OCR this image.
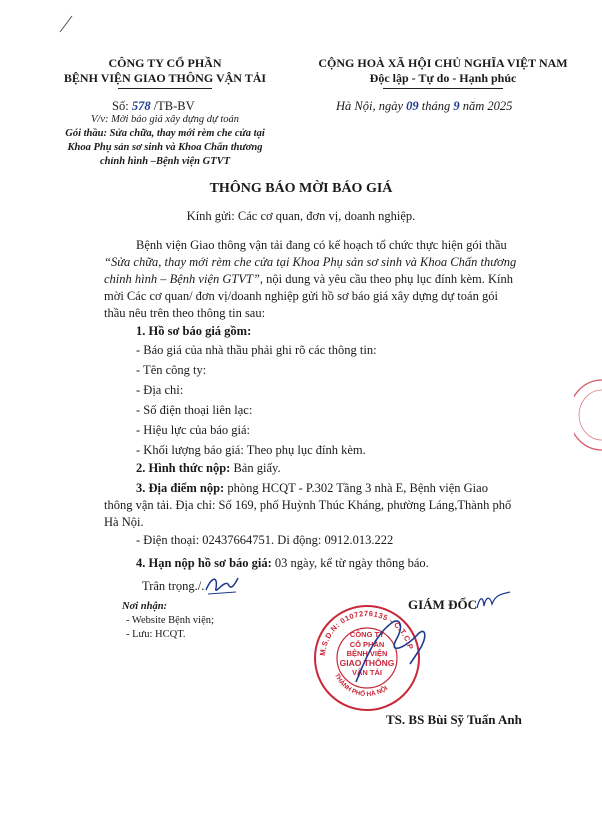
CÔNG TY CỔ PHẦN
BỆNH VIỆN GIAO THÔNG VẬN TẢI
Số: 578 /TB-BV
V/v: Mời báo giá xây dựng dự toán
Gói thầu: Sửa chữa, thay mới rèm che cửa tại
Khoa Phụ sản sơ sinh và Khoa Chấn thương
chỉnh hình –Bệnh viện GTVT
CỘNG HOÀ XÃ HỘI CHỦ NGHĨA VIỆT NAM
Độc lập - Tự do - Hạnh phúc
Hà Nội, ngày 09 tháng 9 năm 2025
THÔNG BÁO MỜI BÁO GIÁ
Kính gửi: Các cơ quan, đơn vị, doanh nghiệp.
Bệnh viện Giao thông vận tải đang có kế hoạch tổ chức thực hiện gói thầu
“Sửa chữa, thay mới rèm che cửa tại Khoa Phụ sản sơ sinh và Khoa Chấn thương
chỉnh hình – Bệnh viện GTVT”, nội dung và yêu cầu theo phụ lục đính kèm. Kính
mời Các cơ quan/ đơn vị/doanh nghiệp gửi hồ sơ báo giá xây dựng dự toán gói
thầu nêu trên theo thông tin sau:
1. Hồ sơ báo giá gồm:
- Báo giá của nhà thầu phải ghi rõ các thông tin:
- Tên công ty:
- Địa chỉ:
- Số điện thoại liên lạc:
- Hiệu lực của báo giá:
- Khối lượng báo giá: Theo phụ lục đính kèm.
2. Hình thức nộp: Bản giấy.
3. Địa điểm nộp: phòng HCQT - P.302 Tầng 3 nhà E, Bệnh viện Giao
thông vận tải. Địa chỉ: Số 169, phố Huỳnh Thúc Kháng, phường Láng,Thành phố
Hà Nội.
- Điện thoại: 02437664751. Di động: 0912.013.222
4. Hạn nộp hồ sơ báo giá: 03 ngày, kể từ ngày thông báo.
Trân trọng./.
Nơi nhận:
- Website Bệnh viện;
- Lưu: HCQT.
GIÁM ĐỐC
M.S.D.N: 0107276135 - C.T.C.P
THÀNH PHỐ HÀ NỘI
CÔNG TY
CỔ PHẦN
BỆNH VIỆN
GIAO THÔNG
VẬN TẢI
TS. BS Bùi Sỹ Tuấn Anh
